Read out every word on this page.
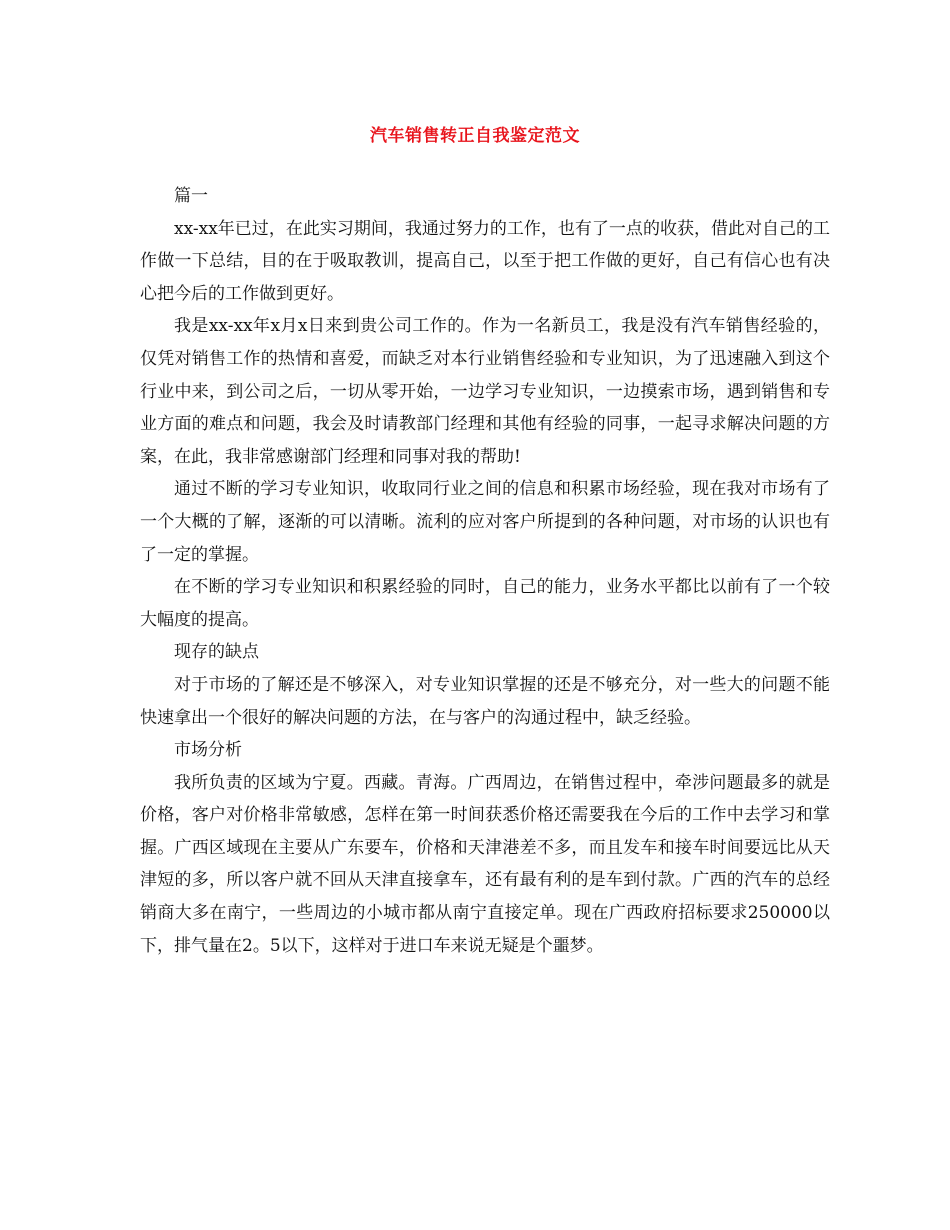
汽车销售转正自我鉴定范文

篇一

xx-xx年已过，在此实习期间，我通过努力的工作，也有了一点的收获，借此对自己的工作做一下总结，目的在于吸取教训，提高自己，以至于把工作做的更好，自己有信心也有决心把今后的工作做到更好。

我是xx-xx年x月x日来到贵公司工作的。作为一名新员工，我是没有汽车销售经验的，仅凭对销售工作的热情和喜爱，而缺乏对本行业销售经验和专业知识，为了迅速融入到这个行业中来，到公司之后，一切从零开始，一边学习专业知识，一边摸索市场，遇到销售和专业方面的难点和问题，我会及时请教部门经理和其他有经验的同事，一起寻求解决问题的方案，在此，我非常感谢部门经理和同事对我的帮助!

通过不断的学习专业知识，收取同行业之间的信息和积累市场经验，现在我对市场有了一个大概的了解，逐渐的可以清晰。流利的应对客户所提到的各种问题，对市场的认识也有了一定的掌握。

在不断的学习专业知识和积累经验的同时，自己的能力，业务水平都比以前有了一个较大幅度的提高。

现存的缺点

对于市场的了解还是不够深入，对专业知识掌握的还是不够充分，对一些大的问题不能快速拿出一个很好的解决问题的方法，在与客户的沟通过程中，缺乏经验。

市场分析

我所负责的区域为宁夏。西藏。青海。广西周边，在销售过程中，牵涉问题最多的就是价格，客户对价格非常敏感，怎样在第一时间获悉价格还需要我在今后的工作中去学习和掌握。广西区域现在主要从广东要车，价格和天津港差不多，而且发车和接车时间要远比从天津短的多，所以客户就不回从天津直接拿车，还有最有利的是车到付款。广西的汽车的总经销商大多在南宁，一些周边的小城市都从南宁直接定单。现在广西政府招标要求250000以下，排气量在2。5以下，这样对于进口车来说无疑是个噩梦。
